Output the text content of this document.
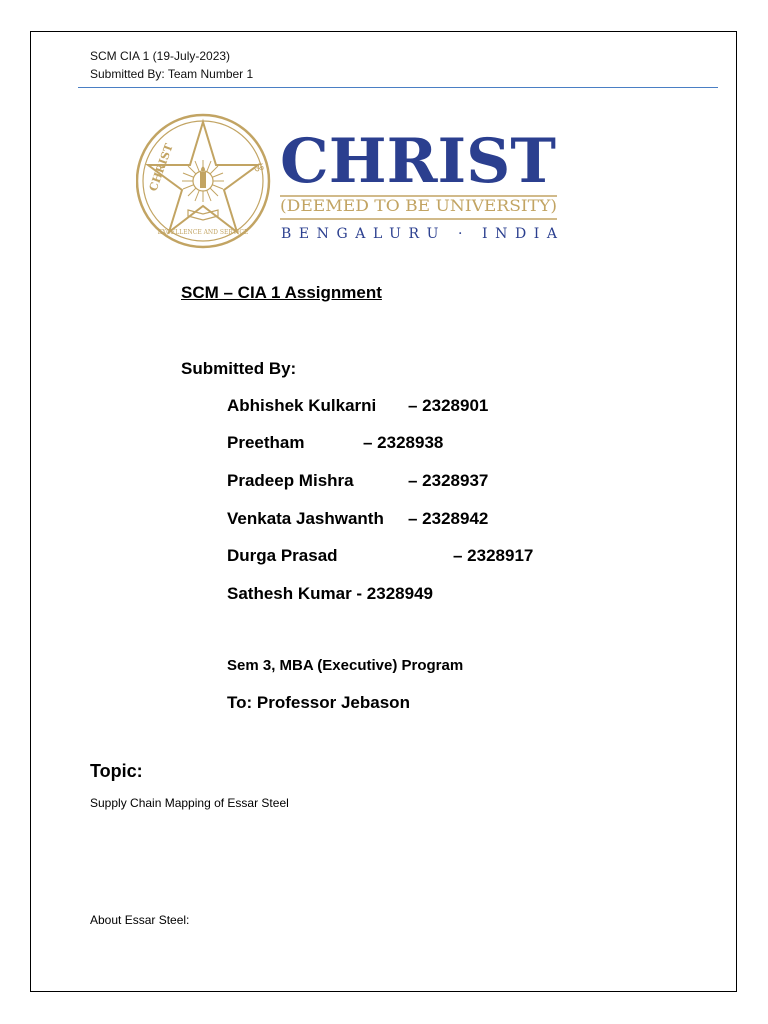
SCM CIA 1 (19-July-2023)
Submitted By: Team Number 1
CHRIST
EXCELLENCE AND SERVICE
ॐ CHRIST
(DEEMED TO BE UNIVERSITY)
BENGALURU · INDIA
SCM – CIA 1 Assignment
Submitted By:
Abhishek Kulkarni – 2328901
Preetham	– 2328938
Pradeep Mishra	– 2328937
Venkata Jashwanth – 2328942
Durga Prasad	– 2328917
Sathesh Kumar - 2328949
Sem 3, MBA (Executive) Program
To: Professor Jebason
Topic:
Supply Chain Mapping of Essar Steel
About Essar Steel:
